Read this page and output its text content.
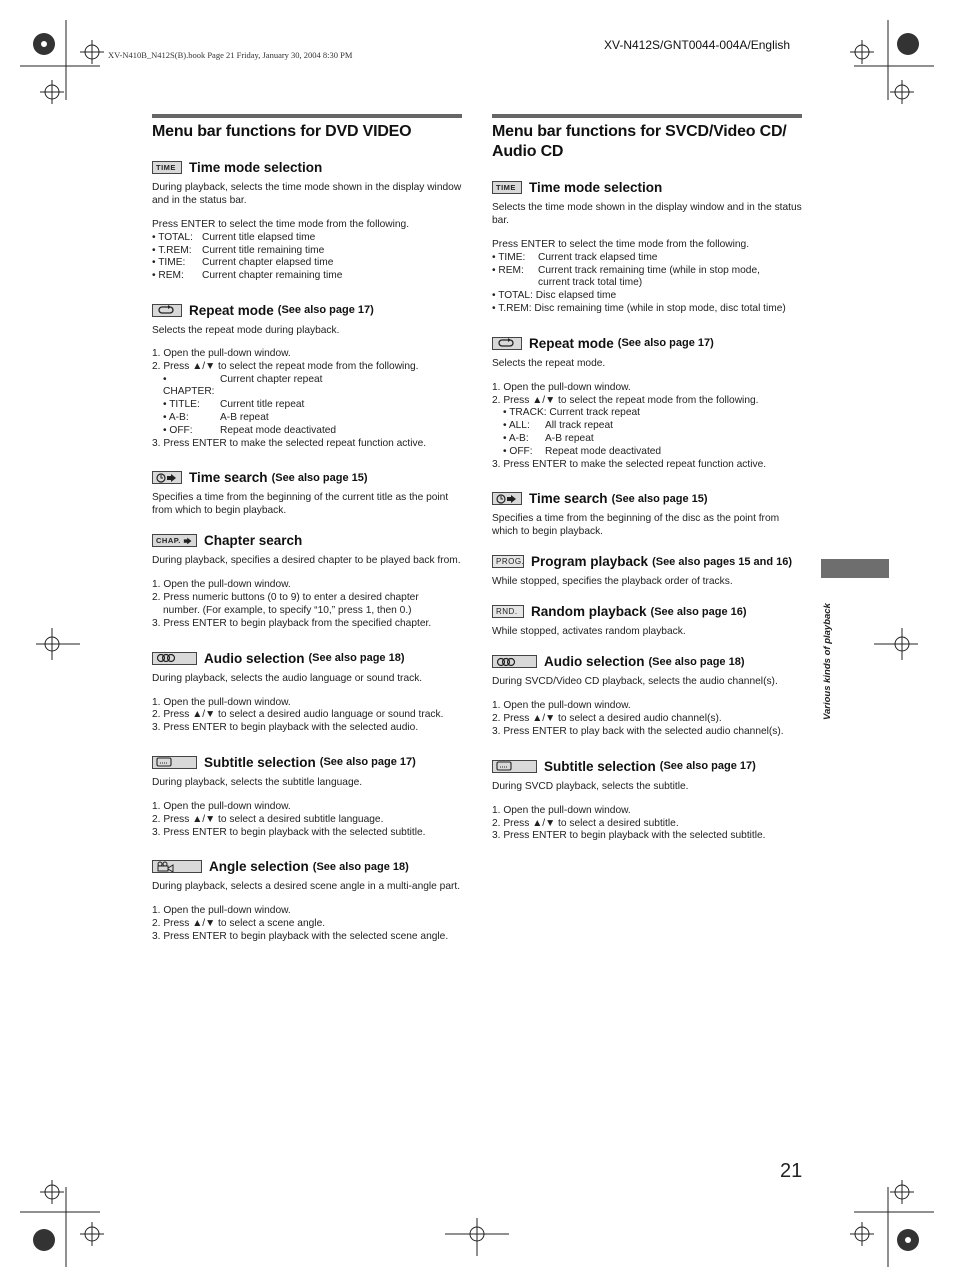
XV-N410B_N412S(B).book Page 21 Friday, January 30, 2004 8:30 PM
XV-N412S/GNT0044-004A/English
21
Various kinds of playback
Menu bar functions for DVD VIDEO
TIME Time mode selection

During playback, selects the time mode shown in the display window and in the status bar.

Press ENTER to select the time mode from the following.
• TOTAL: Current title elapsed time
• T.REM:	Current title remaining time
• TIME:	Current chapter elapsed time
• REM:	Current chapter remaining time
Repeat mode (See also page 17)

Selects the repeat mode during playback.

1. Open the pull-down window.
2. Press ▲/▼ to select the repeat mode from the following.
• CHAPTER:
Current chapter repeat
• TITLE:	Current title repeat
• A-B:	A-B repeat
• OFF:	Repeat mode deactivated
3. Press ENTER to make the selected repeat function active.
Time search (See also page 15)

Specifies a time from the beginning of the current title as the point from which to begin playback.

CHAP. Chapter search

During playback, specifies a desired chapter to be played back from.

1. Open the pull-down window.
2. Press numeric buttons (0 to 9) to enter a desired chapter
number. (For example, to specify “10,” press 1, then 0.)
3. Press ENTER to begin playback from the specified chapter.
Audio selection (See also page 18)

During playback, selects the audio language or sound track.

1. Open the pull-down window.
2. Press ▲/▼ to select a desired audio language or sound track.
3. Press ENTER to begin playback with the selected audio.
Subtitle selection (See also page 17)

During playback, selects the subtitle language.

1. Open the pull-down window.
2. Press ▲/▼ to select a desired subtitle language.
3. Press ENTER to begin playback with the selected subtitle.
Angle selection (See also page 18)

During playback, selects a desired scene angle in a multi-angle part.

1. Open the pull-down window.
2. Press ▲/▼ to select a scene angle.
3. Press ENTER to begin playback with the selected scene angle.
Menu bar functions for SVCD/Video CD/ Audio CD
TIME Time mode selection

Selects the time mode shown in the display window and in the status bar.

Press ENTER to select the time mode from the following.
• TIME:	Current track elapsed time
• REM:	Current track remaining time (while in stop mode,
current track total time)
• TOTAL: Disc elapsed time
• T.REM: Disc remaining time (while in stop mode, disc total time)
Repeat mode (See also page 17)

Selects the repeat mode.

1. Open the pull-down window.
2. Press ▲/▼ to select the repeat mode from the following.
• TRACK: Current track repeat
• ALL:	All track repeat
• A-B:	A-B repeat
• OFF:	Repeat mode deactivated
3. Press ENTER to make the selected repeat function active.
Time search (See also page 15)

Specifies a time from the beginning of the disc as the point from which to begin playback.

PROG. Program playback (See also pages 15 and 16)

While stopped, specifies the playback order of tracks.

RND. Random playback (See also page 16)

While stopped, activates random playback.

Audio selection (See also page 18)

During SVCD/Video CD playback, selects the audio channel(s).

1. Open the pull-down window.
2. Press ▲/▼ to select a desired audio channel(s).
3. Press ENTER to play back with the selected audio channel(s).
Subtitle selection (See also page 17)

During SVCD playback, selects the subtitle.

1. Open the pull-down window.
2. Press ▲/▼ to select a desired subtitle.
3. Press ENTER to begin playback with the selected subtitle.
